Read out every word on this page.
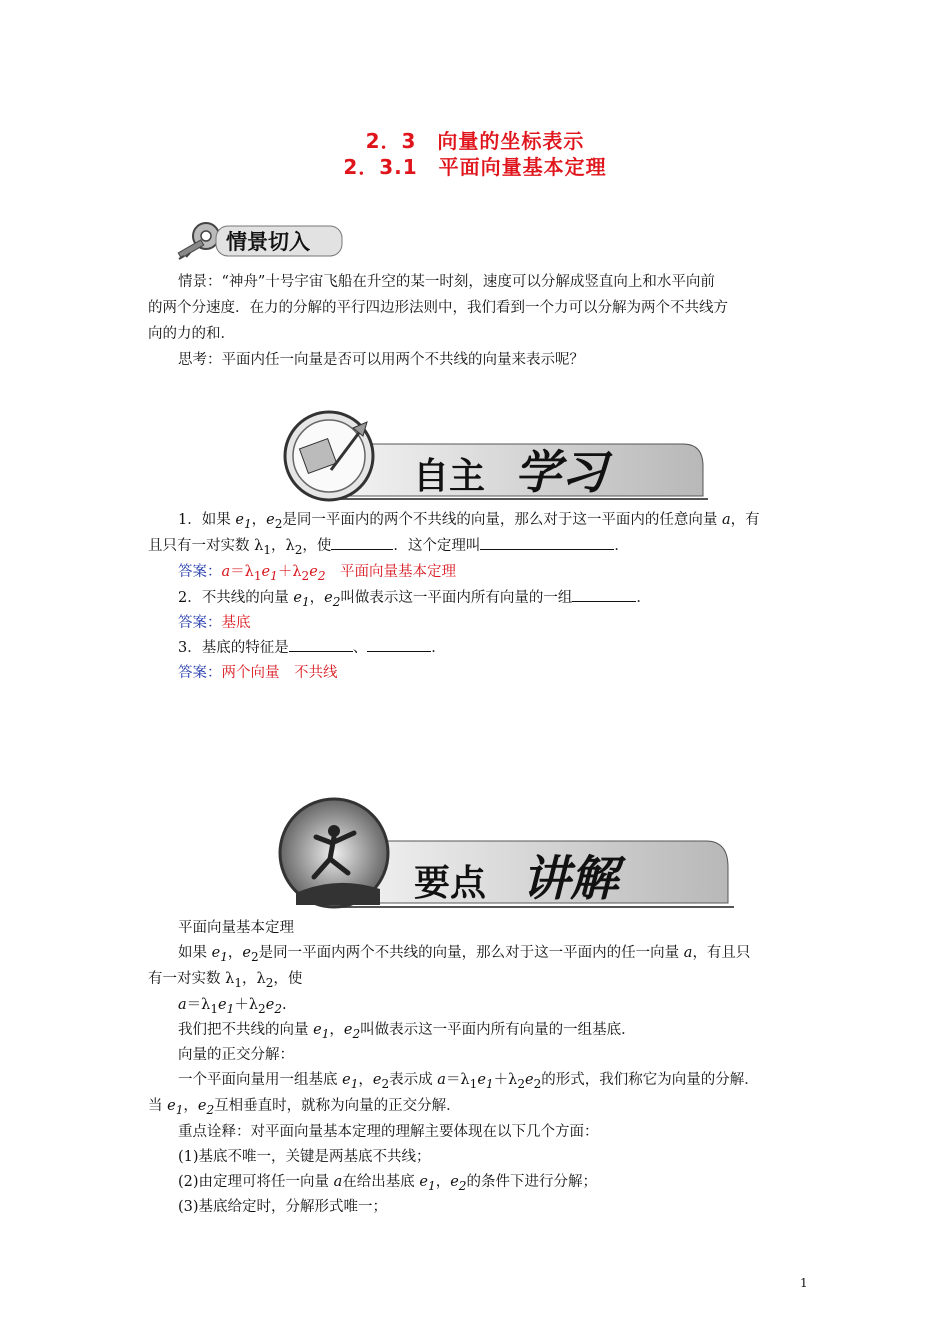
2．3　向量的坐标表示
2．3.1　平面向量基本定理
情景切入
情景：“神舟”十号宇宙飞船在升空的某一时刻，速度可以分解成竖直向上和水平向前
的两个分速度．在力的分解的平行四边形法则中，我们看到一个力可以分解为两个不共线方
向的力的和．
思考：平面内任一向量是否可以用两个不共线的向量来表示呢？
自主 学习
1．如果 $e_1$，$e_2$是同一平面内的两个不共线的向量，那么对于这一平面内的任意向量 a，有
且只有一对实数 $\lambda_1$，$\lambda_2$，使	．这个定理叫	．
答案：$a=\lambda_1e_1+\lambda_2e_2$　 平面向量基本定理
2．不共线的向量 $e_1$，$e_2$叫做表示这一平面内所有向量的一组	．
答案：基底
3．基底的特征是	、	．
答案：两个向量　不共线
要点 讲解
平面向量基本定理
如果 $e_1$，$e_2$是同一平面内两个不共线的向量，那么对于这一平面内的任一向量 a，有且只
有一对实数 $\lambda_1$，$\lambda_2$，使
$a=\lambda_1e_1+\lambda_2e_2$.
我们把不共线的向量 $e_1$，$e_2$叫做表示这一平面内所有向量的一组基底．
向量的正交分解：
一个平面向量用一组基底 $e_1$，$e_2$表示成 $a=\lambda_1e_1+\lambda_2e_2$的形式，我们称它为向量的分解．
当 $e_1$，$e_2$互相垂直时，就称为向量的正交分解．
重点诠释：对平面向量基本定理的理解主要体现在以下几个方面：
(1)基底不唯一，关键是两基底不共线；
(2)由定理可将任一向量 a在给出基底 $e_1$，$e_2$的条件下进行分解；
(3)基底给定时，分解形式唯一；
1
